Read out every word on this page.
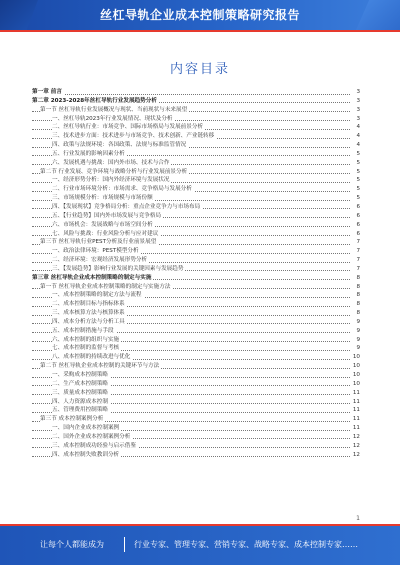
丝杠导轨企业成本控制策略研究报告
内容目录
第一章 前言	3
第二章 2023-2028年丝杠导轨行业发展趋势分析	3
第一节 丝杠导轨行业发展概况与现状、当前现状与未来展望	3
一、丝杠导轨2023年行业发展情况、现状及分析	3
二、丝杠导轨行业：市场竞争、国际市场格局与发展前景分析	4
三、技术进步方面：技术进步与市场竞争、技术创新、产业链转移	4
四、政策与法规环境：各国政策、法规与标准监管情况	4
五、行业发展的影响因素分析	5
六、发展机遇与挑战：国内外市场、技术与合作	5
第二节 行业发展、竞争环境与战略分析与行业发展前景分析	5
一、经济形势分析：国内外经济环境与发展状况	5
二、行业市场环境分析：市场需求、竞争格局与发展分析	5
三、市场规模分析：市场规模与市场份额	5
四、【发展现状】竞争格局分析：重点企业竞争力与市场布局	6
五、【行业趋势】国内外市场发展与竞争格局	6
六、市场机会：发展战略与市场空间分析	6
七、风险与挑战：行业风险分析与应对建议	6
第三节 丝杠导轨行业PEST分析及行业前景展望	7
一、政治法律环境：PEST模型分析	7
二、经济环境：宏观经济发展形势分析	7
三、【发展趋势】影响行业发展的关键因素与发展趋势	7
第三章 丝杠导轨企业成本控制策略的制定与实施	8
第一节 丝杠导轨企业成本控制策略的制定与实施方法	8
一、成本控制策略的制定方法与流程	8
二、成本控制目标与指标体系	8
三、成本核算方法与核算体系	8
四、成本分析方法与分析工具	9
五、成本控制措施与手段	9
六、成本控制的组织与实施	9
七、成本控制的监督与考核	9
八、成本控制的持续改进与优化	10
第二节 丝杠导轨企业成本控制的关键环节与方法	10
一、采购成本控制策略	10
二、生产成本控制策略	10
三、质量成本控制策略	11
四、人力资源成本控制	11
五、管理费用控制策略	11
第三节 成本控制案例分析	11
一、国内企业成本控制案例	11
二、国外企业成本控制案例分析	12
三、成本控制成功经验与启示借鉴	12
四、成本控制失败教训分析	12
1
让每个人都能成为	行业专家、管理专家、营销专家、战略专家、成本控制专家……
